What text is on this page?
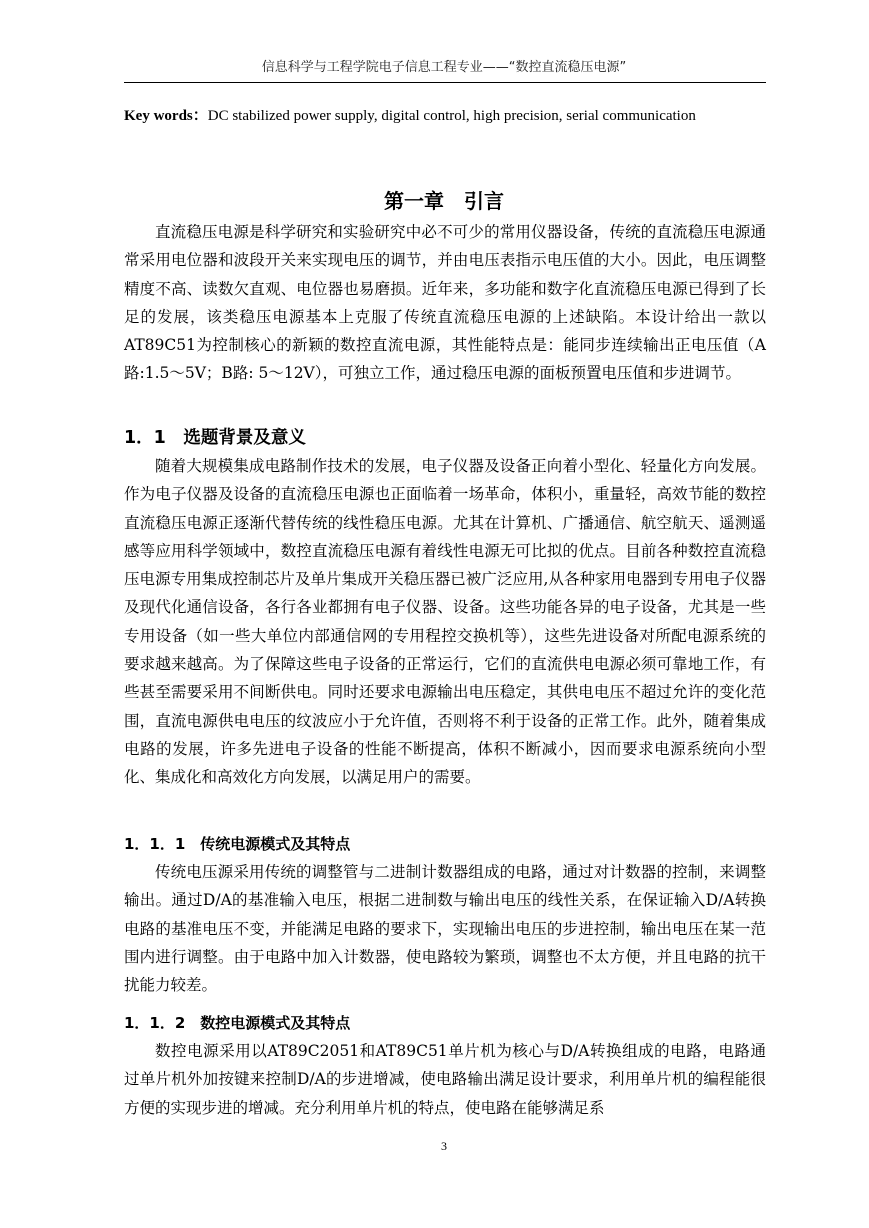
信息科学与工程学院电子信息工程专业——“数控直流稳压电源”
Key words：DC stabilized power supply, digital control, high precision, serial communication
第一章　引言

直流稳压电源是科学研究和实验研究中必不可少的常用仪器设备，传统的直流稳压电源通常采用电位器和波段开关来实现电压的调节，并由电压表指示电压值的大小。因此，电压调整精度不高、读数欠直观、电位器也易磨损。近年来，多功能和数字化直流稳压电源已得到了长足的发展，该类稳压电源基本上克服了传统直流稳压电源的上述缺陷。本设计给出一款以AT89C51为控制核心的新颖的数控直流电源，其性能特点是：能同步连续输出正电压值（A路:1.5～5V；B路: 5～12V），可独立工作，通过稳压电源的面板预置电压值和步进调节。

1．1　选题背景及意义

随着大规模集成电路制作技术的发展，电子仪器及设备正向着小型化、轻量化方向发展。作为电子仪器及设备的直流稳压电源也正面临着一场革命，体积小，重量轻，高效节能的数控直流稳压电源正逐渐代替传统的线性稳压电源。尤其在计算机、广播通信、航空航天、遥测遥感等应用科学领域中，数控直流稳压电源有着线性电源无可比拟的优点。目前各种数控直流稳压电源专用集成控制芯片及单片集成开关稳压器已被广泛应用,从各种家用电器到专用电子仪器及现代化通信设备，各行各业都拥有电子仪器、设备。这些功能各异的电子设备，尤其是一些专用设备（如一些大单位内部通信网的专用程控交换机等），这些先进设备对所配电源系统的要求越来越高。为了保障这些电子设备的正常运行，它们的直流供电电源必须可靠地工作，有些甚至需要采用不间断供电。同时还要求电源输出电压稳定，其供电电压不超过允许的变化范围，直流电源供电电压的纹波应小于允许值，否则将不利于设备的正常工作。此外，随着集成电路的发展，许多先进电子设备的性能不断提高，体积不断减小，因而要求电源系统向小型化、集成化和高效化方向发展，以满足用户的需要。

1．1．1　传统电源模式及其特点

传统电压源采用传统的调整管与二进制计数器组成的电路，通过对计数器的控制，来调整输出。通过D/A的基准输入电压，根据二进制数与输出电压的线性关系，在保证输入D/A转换电路的基准电压不变，并能满足电路的要求下，实现输出电压的步进控制，输出电压在某一范围内进行调整。由于电路中加入计数器，使电路较为繁琐，调整也不太方便，并且电路的抗干扰能力较差。

1．1．2　数控电源模式及其特点

数控电源采用以AT89C2051和AT89C51单片机为核心与D/A转换组成的电路，电路通过单片机外加按键来控制D/A的步进增减，使电路输出满足设计要求，利用单片机的编程能很方便的实现步进的增减。充分利用单片机的特点，使电路在能够满足系

3
